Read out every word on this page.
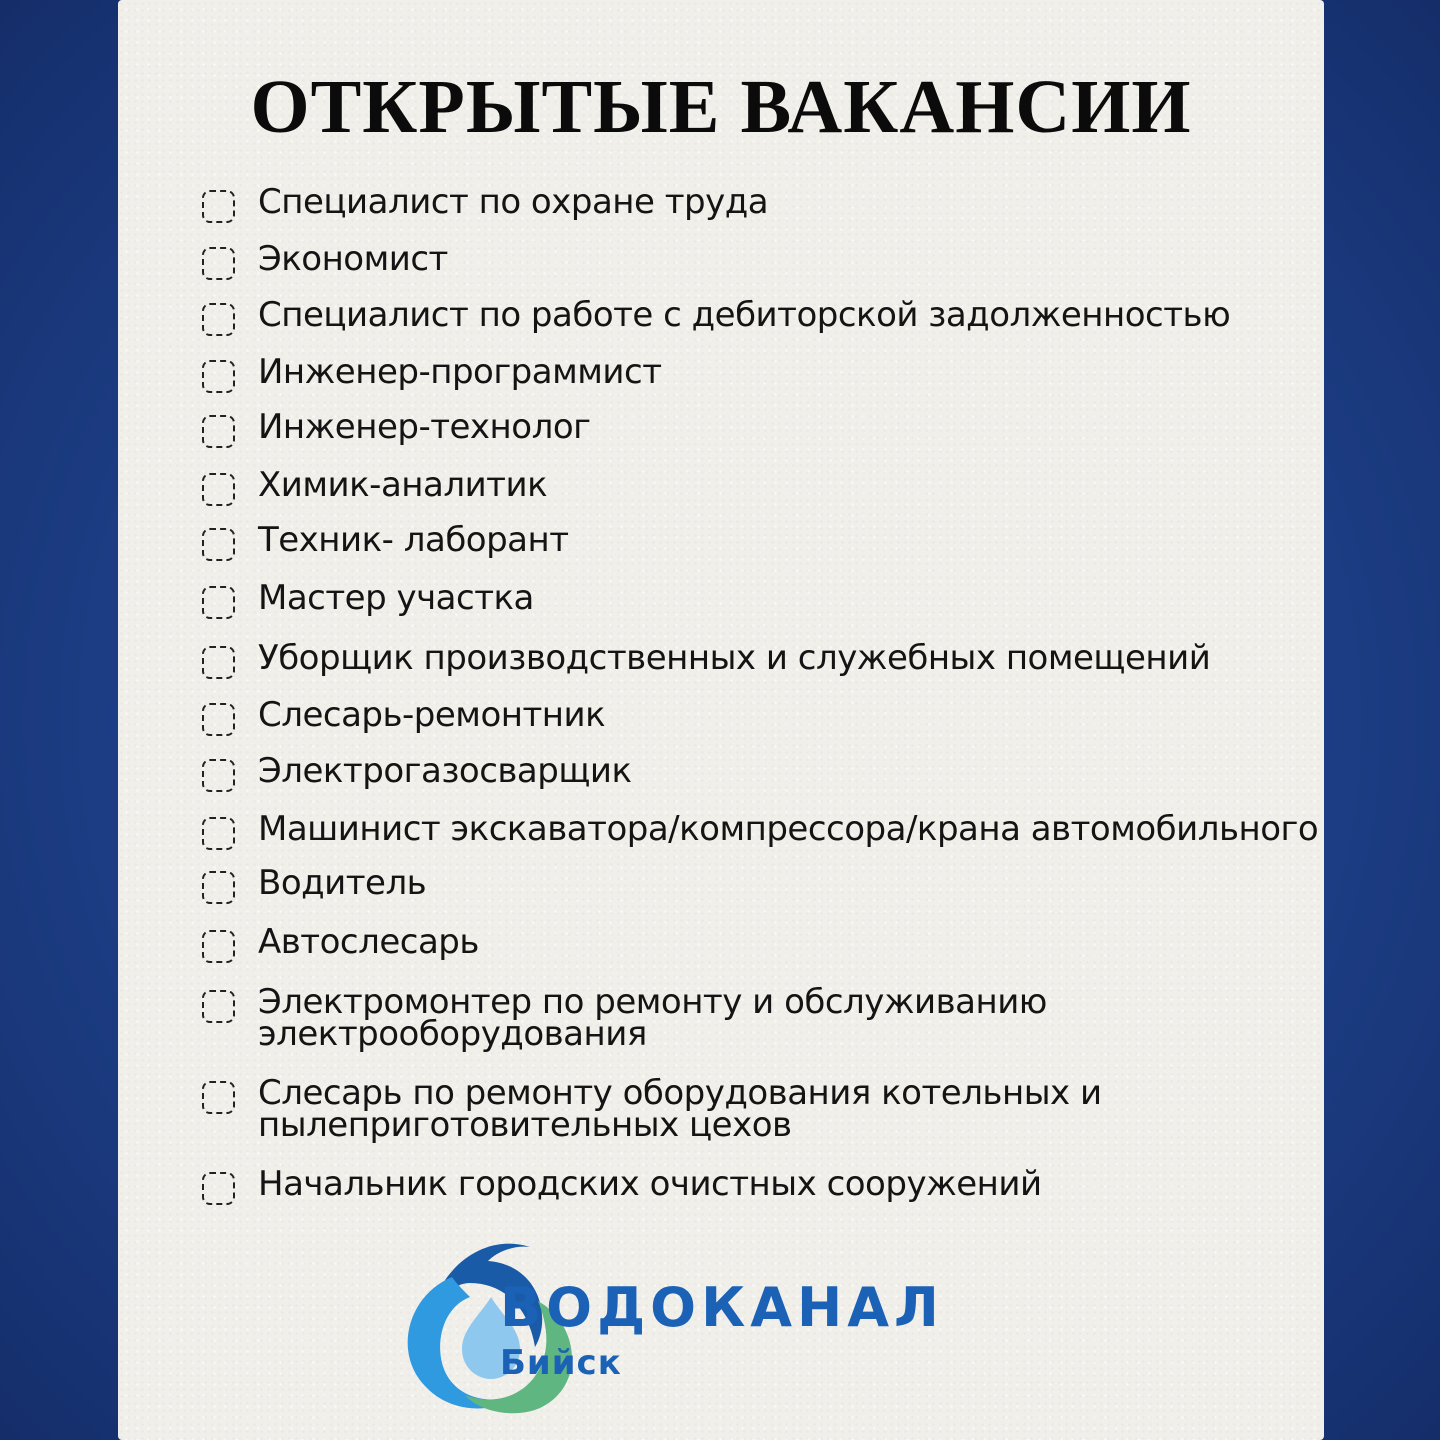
ОТКРЫТЫЕ ВАКАНСИИ
Специалист по охране труда
Экономист
Специалист по работе с дебиторской задолженностью
Инженер-программист
Инженер-технолог
Химик-аналитик
Техник- лаборант
Мастер участка
Уборщик производственных и служебных помещений
Слесарь-ремонтник
Электрогазосварщик
Машинист экскаватора/компрессора/крана автомобильного
Водитель
Автослесарь
Электромонтер по ремонту и обслуживанию
электрооборудования
Слесарь по ремонту оборудования котельных и
пылеприготовительных цехов
Начальник городских очистных сооружений
ВОДОКАНАЛ
Бийск
